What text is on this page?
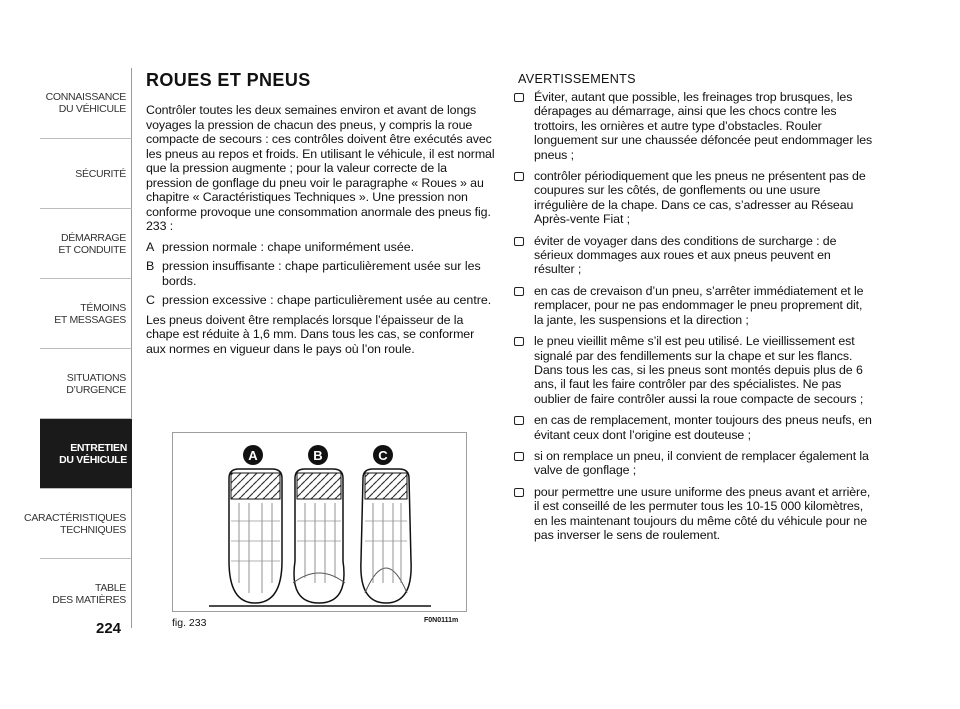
CONNAISSANCE
DU VÉHICULE
SÉCURITÉ
DÉMARRAGE
ET CONDUITE
TÉMOINS
ET MESSAGES
SITUATIONS
D’URGENCE
ENTRETIEN
DU VÉHICULE
CARACTÉRISTIQUES
TECHNIQUES
TABLE
DES MATIÈRES
224
ROUES ET PNEUS

Contrôler toutes les deux semaines environ et avant de longs voyages la pression de chacun des pneus, y compris la roue compacte de secours : ces contrôles doivent être exécutés avec les pneus au repos et froids. En utilisant le véhicule, il est normal que la pression augmente ; pour la valeur correcte de la pression de gonflage du pneu voir le paragraphe « Roues » au chapitre « Caractéristiques Techniques ». Une pression non conforme provoque une consommation anormale des pneus fig. 233 :

A pression normale : chape uniformément usée.
B pression insuffisante : chape particulièrement usée sur les bords.
C pression excessive : chape particulièrement usée au centre.

Les pneus doivent être remplacés lorsque l’épaisseur de la chape est réduite à 1,6 mm. Dans tous les cas, se conformer aux normes en vigueur dans le pays où l’on roule.

A	B	C
fig. 233	F0N0111m
AVERTISSEMENTS
Éviter, autant que possible, les freinages trop brusques, les dérapages au démarrage, ainsi que les chocs contre les trottoirs, les ornières et autre type d’obstacles. Rouler longuement sur une chaussée défoncée peut endommager les pneus ;
contrôler périodiquement que les pneus ne présentent pas de coupures sur les côtés, de gonflements ou une usure irrégulière de la chape. Dans ce cas, s’adresser au Réseau Après-vente Fiat ;
éviter de voyager dans des conditions de surcharge : de sérieux dommages aux roues et aux pneus peuvent en résulter ;
en cas de crevaison d’un pneu, s’arrêter immédiatement et le remplacer, pour ne pas endommager le pneu proprement dit, la jante, les suspensions et la direction ;
le pneu vieillit même s’il est peu utilisé. Le vieillissement est signalé par des fendillements sur la chape et sur les flancs. Dans tous les cas, si les pneus sont montés depuis plus de 6 ans, il faut les faire contrôler par des spécialistes. Ne pas oublier de faire contrôler aussi la roue compacte de secours ;
en cas de remplacement, monter toujours des pneus neufs, en évitant ceux dont l’origine est douteuse ;
si on remplace un pneu, il convient de remplacer également la valve de gonflage ;
pour permettre une usure uniforme des pneus avant et arrière, il est conseillé de les permuter tous les 10-15 000 kilomètres, en les maintenant toujours du même côté du véhicule pour ne pas inverser le sens de roulement.
